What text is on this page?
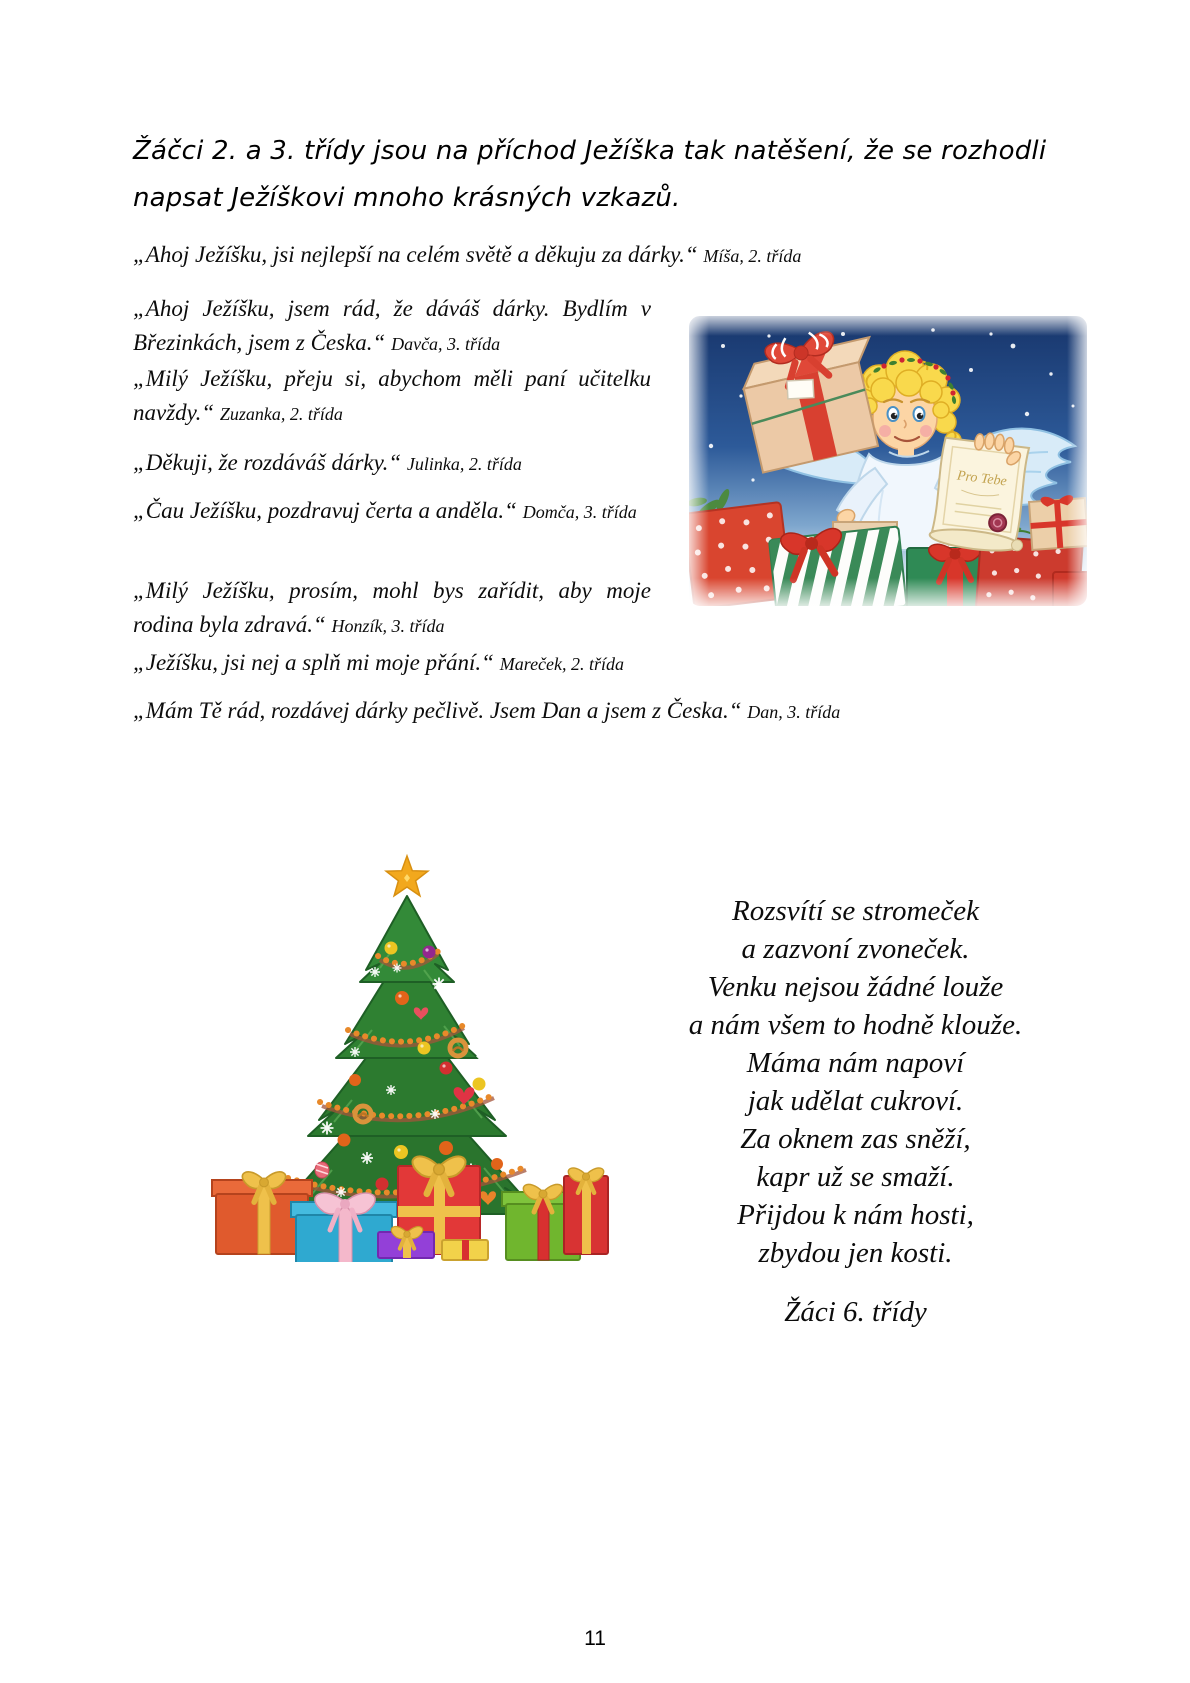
Žáčci 2. a 3. třídy jsou na příchod Ježíška tak natěšení, že se rozhodli napsat Ježíškovi mnoho krásných vzkazů.

„Ahoj Ježíšku, jsi nejlepší na celém světě a děkuju za dárky.“ Míša, 2. třída

„Ahoj Ježíšku, jsem rád, že dáváš dárky. Bydlím v Březinkách, jsem z Česka.“ Davča, 3. třída

„Milý Ježíšku, přeju si, abychom měli paní učitelku navždy.“ Zuzanka, 2. třída

„Děkuji, že rozdáváš dárky.“ Julinka, 2. třída

„Čau Ježíšku, pozdravuj čerta a anděla.“ Domča, 3. třída

„Milý Ježíšku, prosím, mohl bys zařídit, aby moje rodina byla zdravá.“ Honzík, 3. třída

„Ježíšku, jsi nej a splň mi moje přání.“ Mareček, 2. třída

„Mám Tě rád, rozdávej dárky pečlivě. Jsem Dan a jsem z Česka.“ Dan, 3. třída

Pro Tebe
Rozsvítí se stromeček
a zazvoní zvoneček.
Venku nejsou žádné louže
a nám všem to hodně klouže.
Máma nám napoví
jak udělat cukroví.
Za oknem zas sněží,
kapr už se smaží.
Přijdou k nám hosti,
zbydou jen kosti.
Žáci 6. třídy
11
